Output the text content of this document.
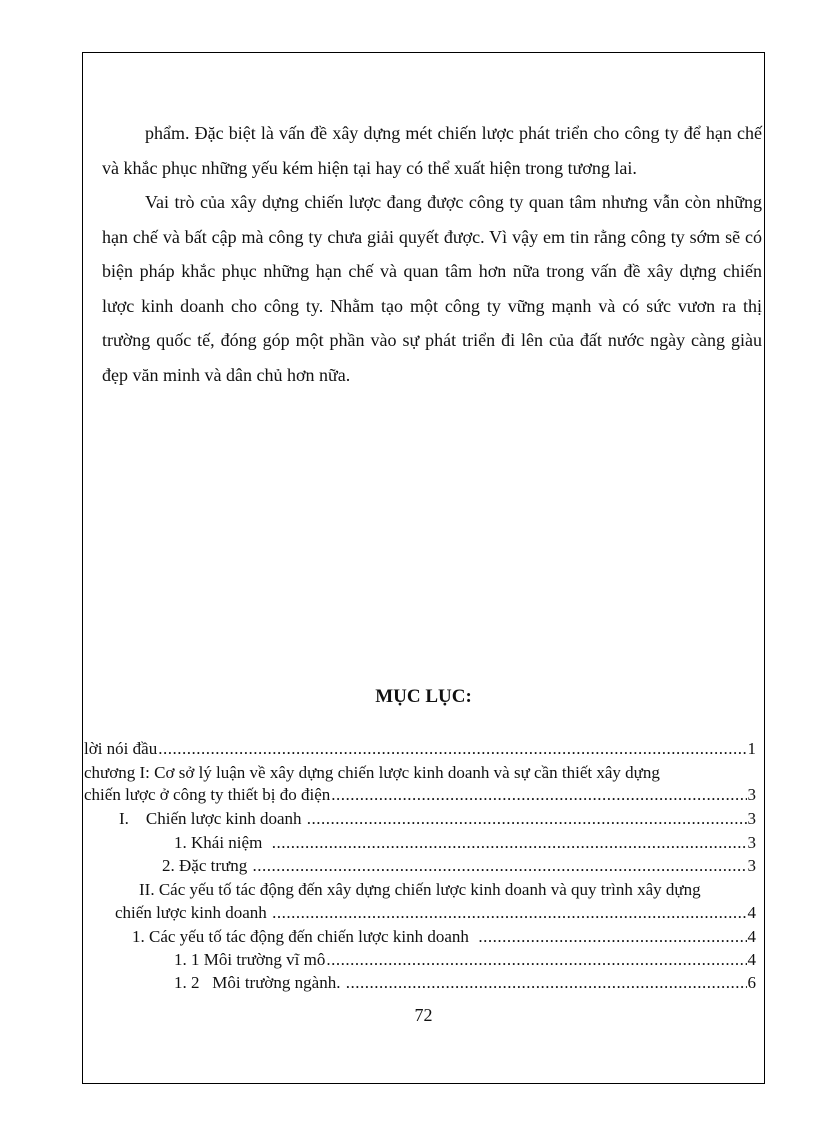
phẩm. Đặc biệt là vấn đề xây dựng mét chiến lược phát triển cho công ty để hạn chế và khắc phục những yếu kém hiện tại hay có thể xuất hiện trong tương lai.

Vai trò của xây dựng chiến lược đang được công ty quan tâm nhưng vẫn còn những hạn chế và bất cập mà công ty chưa giải quyết được. Vì vậy em tin rằng công ty sớm sẽ có biện pháp khắc phục những hạn chế và quan tâm hơn nữa trong vấn đề xây dựng chiến lược kinh doanh cho công ty. Nhằm tạo một công ty vững mạnh và có sức vươn ra thị trường quốc tế, đóng góp một phần vào sự phát triển đi lên của đất nước ngày càng giàu đẹp văn minh và dân chủ hơn nữa.

MỤC LỤC:
lời nói đầu .....	1
chương I: Cơ sở lý luận về xây dựng chiến lược kinh doanh và sự cần thiết xây dựng
chiến lược ở công ty thiết bị đo điện .....	3
I.    Chiến lược kinh doanh .....	3
1. Khái niệm .....	3
2. Đặc trưng .....	3
II. Các yếu tố tác động đến xây dựng chiến lược kinh doanh và quy trình xây dựng
chiến lược kinh doanh .....	4
1. Các yếu tố tác động đến chiến lược kinh doanh .....	4
1. 1 Môi trường vĩ mô .....	4
1. 2   Môi trường ngành. .....	6
72
